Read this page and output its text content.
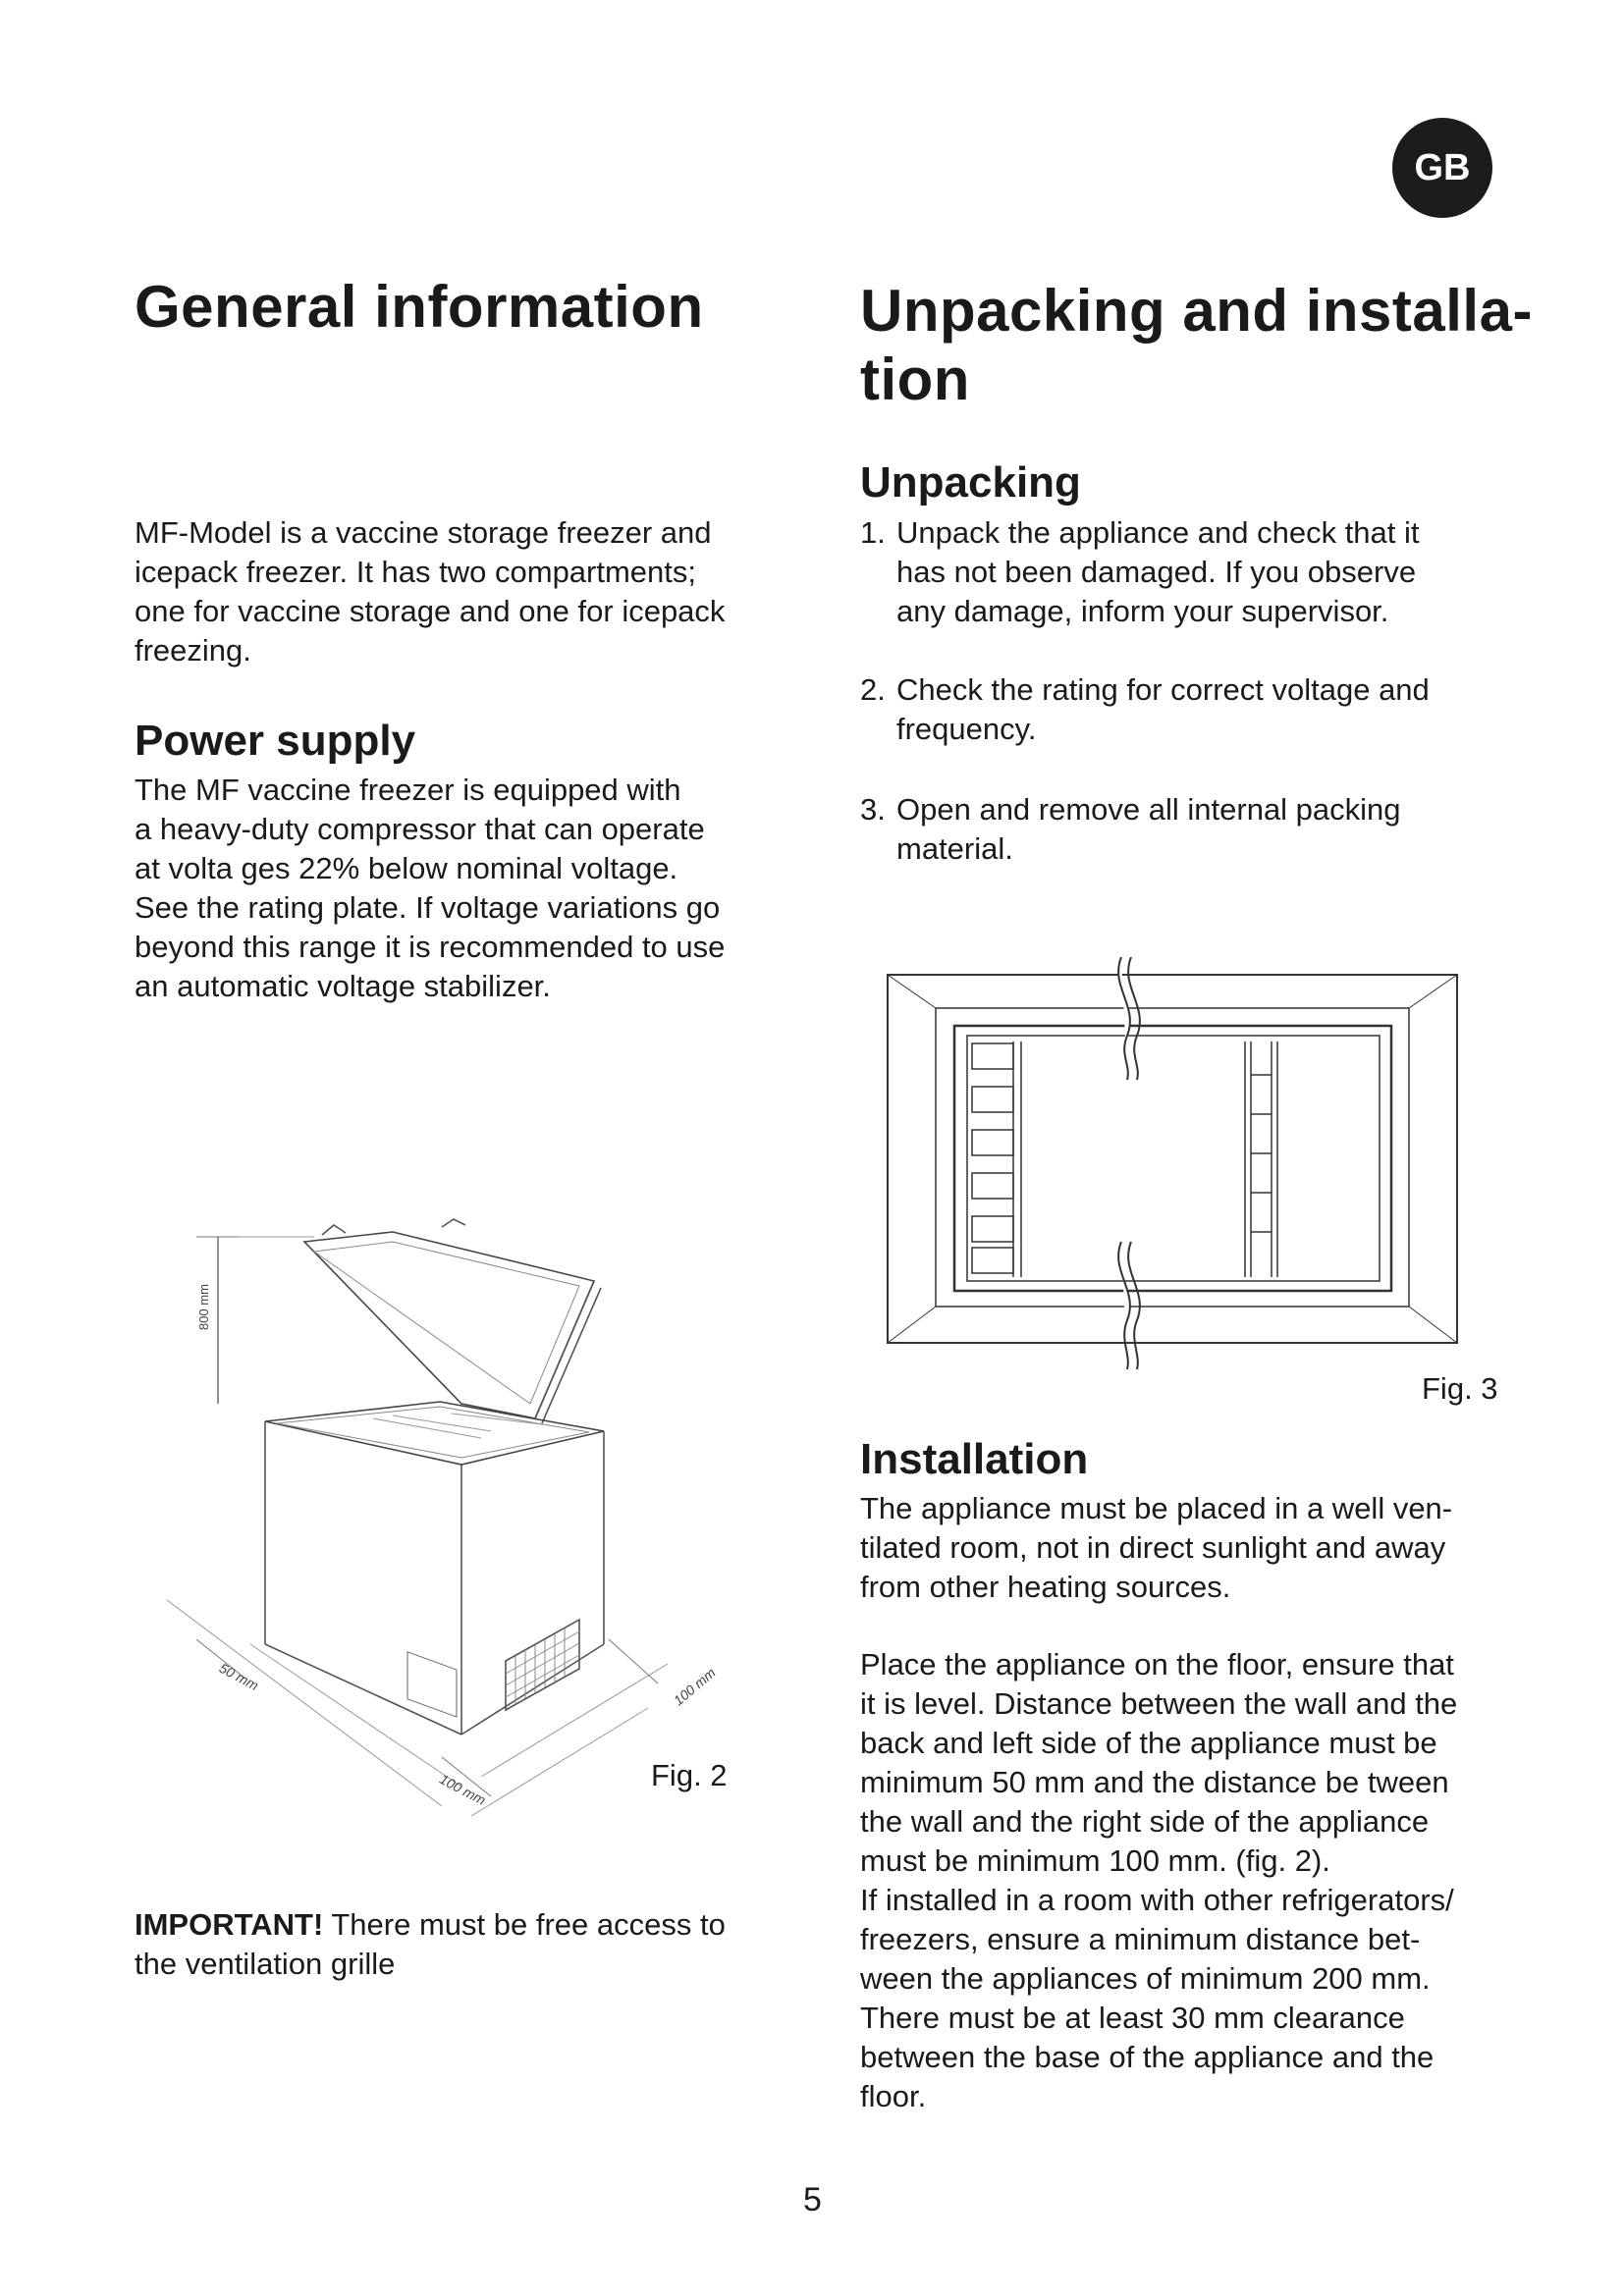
GB
General information

MF-Model is a vaccine storage freezer and
icepack freezer. It has two compartments;
one for vaccine storage and one for icepack
freezing.

Power supply

The MF vaccine freezer is equipped with
a heavy-duty compressor that can operate
at volta ges 22% below nominal voltage.
See the rating plate. If voltage variations go
beyond this range it is recommended to use
an automatic voltage stabilizer.

800 mm
50 mm
100 mm
100 mm
Fig. 2

IMPORTANT! There must be free access to
the ventilation grille

Unpacking and installa-
tion
Unpacking
1. Unpack the appliance and check that it
has not been damaged. If you observe
any damage, inform your supervisor.
2. Check the rating for correct voltage and
frequency.
3. Open and remove all internal packing
material.
Fig. 3
Installation

The appliance must be placed in a well ven-
tilated room, not in direct sunlight and away
from other heating sources.

Place the appliance on the floor, ensure that
it is level. Distance between the wall and the
back and left side of the appliance must be
minimum 50 mm and the distance be tween
the wall and the right side of the appliance
must be minimum 100 mm. (fig. 2).
If installed in a room with other refrigerators/
freezers, ensure a minimum distance bet-
ween the appliances of minimum 200 mm.
There must be at least 30 mm clearance
between the base of the appliance and the
floor.

5
